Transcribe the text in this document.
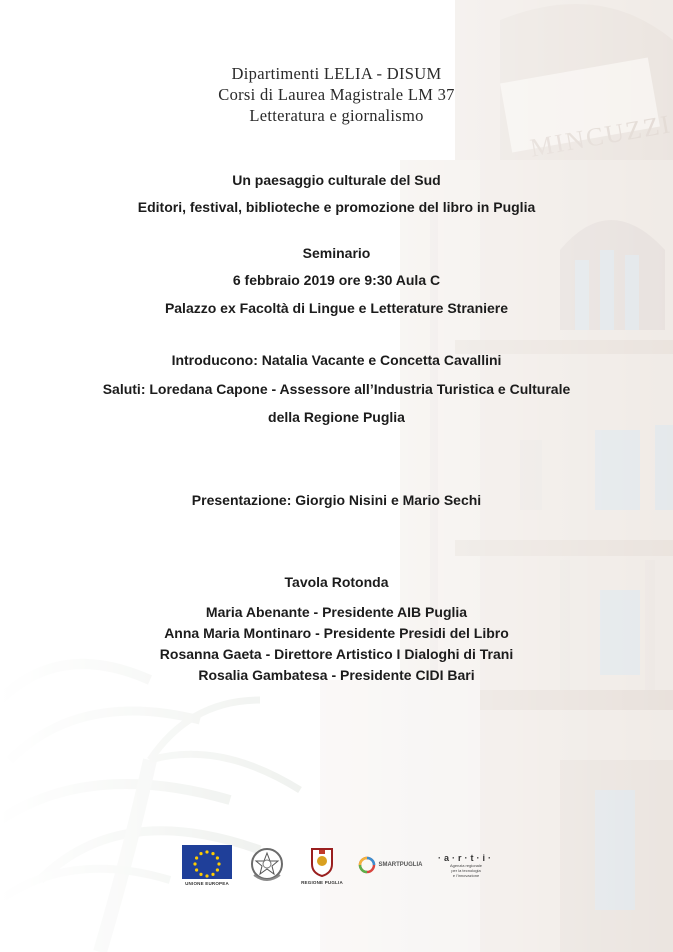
Dipartimenti LELIA - DISUM
Corsi di Laurea Magistrale LM 37
Letteratura e giornalismo
Un paesaggio culturale del Sud
Editori, festival, biblioteche e promozione del libro in Puglia
Seminario
6 febbraio 2019 ore 9:30 Aula C
Palazzo ex Facoltà di Lingue e Letterature Straniere
Introducono: Natalia Vacante e Concetta Cavallini
Saluti: Loredana Capone - Assessore all’Industria Turistica e Culturale
della Regione Puglia
Presentazione: Giorgio Nisini e Mario Sechi
Tavola Rotonda
Maria Abenante - Presidente AIB Puglia
Anna Maria Montinaro - Presidente Presidi del Libro
Rosanna Gaeta - Direttore Artistico I Dialoghi di Trani
Rosalia Gambatesa - Presidente CIDI Bari
UNIONE EUROPEA	REGIONE PUGLIA
SMARTPUGLIA
·a·r·t·i·
Agenzia regionale
per la tecnologia
e l'innovazione
